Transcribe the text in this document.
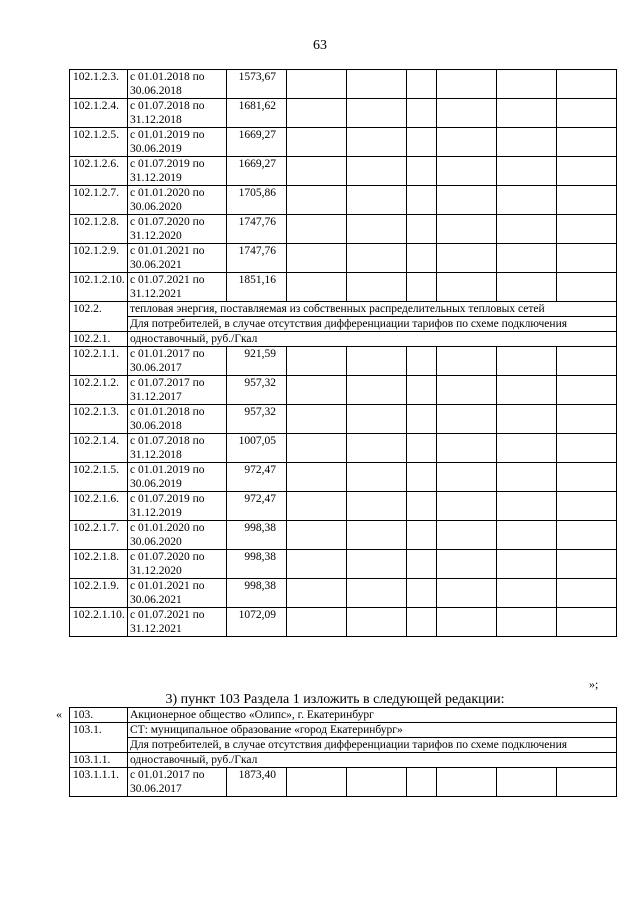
63
102.1.2.3.	с 01.01.2018 по 30.06.2018	1573,67						
102.1.2.4.	с 01.07.2018 по 31.12.2018	1681,62						
102.1.2.5.	с 01.01.2019 по 30.06.2019	1669,27						
102.1.2.6.	с 01.07.2019 по 31.12.2019	1669,27						
102.1.2.7.	с 01.01.2020 по 30.06.2020	1705,86						
102.1.2.8.	с 01.07.2020 по 31.12.2020	1747,76						
102.1.2.9.	с 01.01.2021 по 30.06.2021	1747,76						
102.1.2.10.	с 01.07.2021 по 31.12.2021	1851,16						
102.2.	тепловая энергия, поставляемая из собственных распределительных тепловых сетей							
	Для потребителей, в случае отсутствия дифференциации тарифов по схеме подключения							
102.2.1.	одноставочный, руб./Гкал							
102.2.1.1.	с 01.01.2017 по 30.06.2017	921,59						
102.2.1.2.	с 01.07.2017 по 31.12.2017	957,32						
102.2.1.3.	с 01.01.2018 по 30.06.2018	957,32						
102.2.1.4.	с 01.07.2018 по 31.12.2018	1007,05						
102.2.1.5.	с 01.01.2019 по 30.06.2019	972,47						
102.2.1.6.	с 01.07.2019 по 31.12.2019	972,47						
102.2.1.7.	с 01.01.2020 по 30.06.2020	998,38						
102.2.1.8.	с 01.07.2020 по 31.12.2020	998,38						
102.2.1.9.	с 01.01.2021 по 30.06.2021	998,38						
102.2.1.10.	с 01.07.2021 по 31.12.2021	1072,09						
»;
3) пункт 103 Раздела 1 изложить в следующей редакции:
« 103.	Акционерное общество «Олипс», г. Екатеринбург							
103.1.	СТ: муниципальное образование «город Екатеринбург»							
	Для потребителей, в случае отсутствия дифференциации тарифов по схеме подключения							
103.1.1.	одноставочный, руб./Гкал							
103.1.1.1.	с 01.01.2017 по 30.06.2017	1873,40						
